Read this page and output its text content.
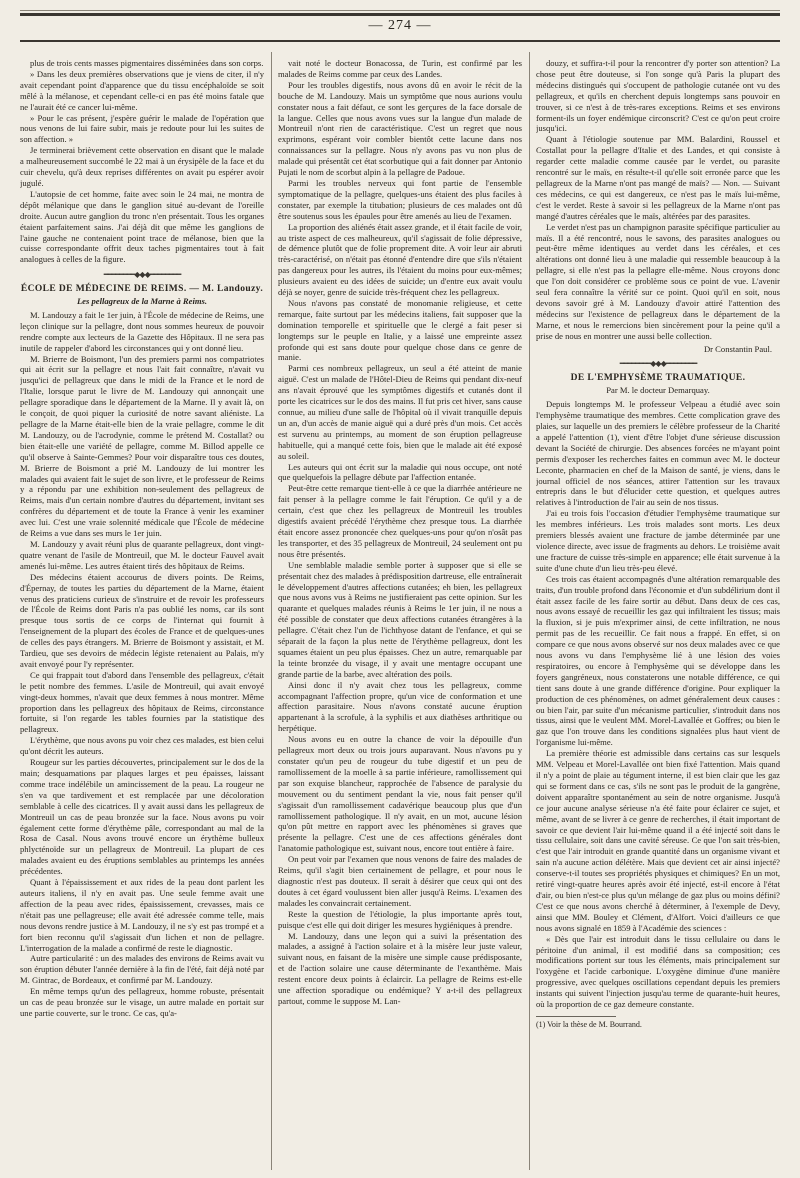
— 274 —

plus de trois cents masses pigmentaires disséminées dans son corps.

» Dans les deux premières observations que je viens de citer, il n'y avait cependant point d'apparence que du tissu encéphaloïde se soit mêlé à la mélanose, et cependant celle-ci en pas été moins fatale que ne l'aurait été ce cancer lui-même.

» Pour le cas présent, j'espère guérir le malade de l'opération que nous venons de lui faire subir, mais je redoute pour lui les suites de son affection. »

Je terminerai brièvement cette observation en disant que le malade a malheureusement succombé le 22 mai à un érysipèle de la face et du cuir chevelu, qu'à deux reprises différentes on avait pu espérer avoir jugulé.

L'autopsie de cet homme, faite avec soin le 24 mai, ne montra de dépôt mélanique que dans le ganglion situé au-devant de l'oreille droite. Aucun autre ganglion du tronc n'en présentait. Tous les organes étaient parfaitement sains. J'ai déjà dit que même les ganglions de l'aine gauche ne contenaient point trace de mélanose, bien que la cuisse correspondante offrit deux taches pigmentaires tout à fait analogues à celles de la figure.

━━━━━━━━◆◆◆━━━━━━━━
ÉCOLE DE MÉDECINE DE REIMS. — M. Landouzy.
Les pellagreux de la Marne à Reims.

M. Landouzy a fait le 1er juin, à l'École de médecine de Reims, une leçon clinique sur la pellagre, dont nous sommes heureux de pouvoir rendre compte aux lecteurs de la Gazette des Hôpitaux. Il ne sera pas inutile de rappeler d'abord les circonstances qui y ont donné lieu.

M. Brierre de Boismont, l'un des premiers parmi nos compatriotes qui ait écrit sur la pellagre et nous l'ait fait connaître, n'avait vu jusqu'ici de pellagreux que dans le midi de la France et le nord de l'Italie, lorsque parut le livre de M. Landouzy qui annonçait une pellagre sporadique dans le département de la Marne. Il y avait là, on le conçoit, de quoi piquer la curiosité de notre savant aliéniste. La pellagre de la Marne était-elle bien de la vraie pellagre, comme le dit M. Landouzy, ou de l'acrodynie, comme le prétend M. Costallat? ou bien était-elle une variété de pellagre, comme M. Billod appelle ce qu'il observe à Sainte-Gemmes? Pour voir disparaître tous ces doutes, M. Brierre de Boismont a prié M. Landouzy de lui montrer les malades qui avaient fait le sujet de son livre, et le professeur de Reims y a répondu par une exhibition non-seulement des pellagreux de Reims, mais d'un certain nombre d'autres du département, invitant ses confrères du département et de toute la France à venir les examiner avec lui. C'est une vraie solennité médicale que l'École de médecine de Reims a vue dans ses murs le 1er juin.

M. Landouzy y avait réuni plus de quarante pellagreux, dont vingt-quatre venant de l'asile de Montreuil, que M. le docteur Fauvel avait amenés lui-même. Les autres étaient tirés des hôpitaux de Reims.

Des médecins étaient accourus de divers points. De Reims, d'Épernay, de toutes les parties du département de la Marne, étaient venus des praticiens curieux de s'instruire et de revoir les professeurs de l'École de Reims dont Paris n'a pas oublié les noms, car ils sont presque tous sortis de ce corps de l'internat qui fournit à l'enseignement de la plupart des écoles de France et de quelques-unes de celles des pays étrangers. M. Brierre de Boismont y assistait, et M. Tardieu, que ses devoirs de médecin légiste retenaient au Palais, m'y avait envoyé pour l'y représenter.

Ce qui frappait tout d'abord dans l'ensemble des pellagreux, c'était le petit nombre des femmes. L'asile de Montreuil, qui avait envoyé vingt-deux hommes, n'avait que deux femmes à nous montrer. Même proportion dans les pellagreux des hôpitaux de Reims, circonstance fortuite, si l'on regarde les tables fournies par la statistique des pellagreux.

L'érythème, que nous avons pu voir chez ces malades, est bien celui qu'ont décrit les auteurs.

Rougeur sur les parties découvertes, principalement sur le dos de la main; desquamations par plaques larges et peu épaisses, laissant comme trace indélébile un amincissement de la peau. La rougeur ne s'en va que tardivement et est remplacée par une décoloration semblable à celle des cicatrices. Il y avait aussi dans les pellagreux de Montreuil un cas de peau bronzée sur la face. Nous avons pu voir également cette forme d'érythème pâle, correspondant au mal de la Rosa de Casal. Nous avons trouvé encore un érythème bulleux phlycténoïde sur un pellagreux de Montreuil. La plupart de ces malades avaient eu des éruptions semblables au printemps les années précédentes.

Quant à l'épaississement et aux rides de la peau dont parlent les auteurs italiens, il n'y en avait pas. Une seule femme avait une affection de la peau avec rides, épaississement, crevasses, mais ce n'était pas une pellagreuse; elle avait été adressée comme telle, mais nous devons rendre justice à M. Landouzy, il ne s'y est pas trompé et a fort bien reconnu qu'il s'agissait d'un lichen et non de pellagre. L'interrogation de la malade a confirmé de reste le diagnostic.

Autre particularité : un des malades des environs de Reims avait vu son éruption débuter l'année dernière à la fin de l'été, fait déjà noté par M. Gintrac, de Bordeaux, et confirmé par M. Landouzy.

En même temps qu'un des pellagreux, homme robuste, présentait un cas de peau bronzée sur le visage, un autre malade en portait sur une partie couverte, sur le tronc. Ce cas, qu'a-

vait noté le docteur Bonacossa, de Turin, est confirmé par les malades de Reims comme par ceux des Landes.

Pour les troubles digestifs, nous avons dû en avoir le récit de la bouche de M. Landouzy. Mais un symptôme que nous aurions voulu constater nous a fait défaut, ce sont les gerçures de la face dorsale de la langue. Celles que nous avons vues sur la langue d'un malade de Montreuil n'ont rien de caractéristique. C'est un regret que nous exprimons, espérant voir combler bientôt cette lacune dans nos connaissances sur la pellagre. Nous n'y avons pas vu non plus de malade qui présentât cet état scorbutique qui a fait donner par Antonio Pujati le nom de scorbut alpin à la pellagre de Padoue.

Parmi les troubles nerveux qui font partie de l'ensemble symptomatique de la pellagre, quelques-uns étaient des plus faciles à constater, par exemple la titubation; plusieurs de ces malades ont dû être soutenus sous les épaules pour être amenés au lieu de l'examen.

La proportion des aliénés était assez grande, et il était facile de voir, au triste aspect de ces malheureux, qu'il s'agissait de folie dépressive, de démence plutôt que de folie proprement dite. A voir leur air abruti très-caractérisé, on n'était pas étonné d'entendre dire que s'ils n'étaient pas dangereux pour les autres, ils l'étaient du moins pour eux-mêmes; plusieurs avaient eu des idées de suicide; un d'entre eux avait voulu déjà se noyer, genre de suicide très-fréquent chez les pellagreux.

Nous n'avons pas constaté de monomanie religieuse, et cette remarque, faite surtout par les médecins italiens, fait supposer que la domination temporelle et spirituelle que le clergé a fait peser si longtemps sur le peuple en Italie, y a laissé une empreinte assez profonde qui est sans doute pour quelque chose dans ce genre de manie.

Parmi ces nombreux pellagreux, un seul a été atteint de manie aiguë. C'est un malade de l'Hôtel-Dieu de Reims qui pendant dix-neuf ans n'avait éprouvé que les symptômes digestifs et cutanés dont il porte les cicatrices sur le dos des mains. Il fut pris cet hiver, sans cause connue, au milieu d'une salle de l'hôpital où il vivait tranquille depuis un an, d'un accès de manie aiguë qui a duré près d'un mois. Cet accès est survenu au printemps, au moment de son éruption pellagreuse habituelle, qui a manqué cette fois, bien que le malade ait été exposé au soleil.

Les auteurs qui ont écrit sur la maladie qui nous occupe, ont noté que quelquefois la pellagre débute par l'affection entanée.

Peut-être cette remarque tient-elle à ce que la diarrhée antérieure ne fait penser à la pellagre comme le fait l'éruption. Ce qu'il y a de certain, c'est que chez les pellagreux de Montreuil les troubles digestifs avaient précédé l'érythème chez presque tous. La diarrhée était encore assez prononcée chez quelques-uns pour qu'on n'osât pas les transporter, et des 35 pellagreux de Montreuil, 24 seulement ont pu nous être présentés.

Une semblable maladie semble porter à supposer que si elle se présentait chez des malades à prédisposition dartreuse, elle entraînerait le développement d'autres affections cutanées; eh bien, les pellagreux que nous avons vus à Reims ne justifieraient pas cette opinion. Sur les quarante et quelques malades réunis à Reims le 1er juin, il ne nous a été possible de constater que deux affections cutanées étrangères à la pellagre. C'était chez l'un de l'ichthyose datant de l'enfance, et qui se séparait de la façon la plus nette de l'érythème pellagreux, dont les squames étaient un peu plus épaisses. Chez un autre, remarquable par la teinte bronzée du visage, il y avait une mentagre occupant une grande partie de la barbe, avec altération des poils.

Ainsi donc il n'y avait chez tous les pellagreux, comme accompagnant l'affection propre, qu'un vice de conformation et une affection parasitaire. Nous n'avons constaté aucune éruption appartenant à la scrofule, à la syphilis et aux diathèses arthritique ou herpétique.

Nous avons eu en outre la chance de voir la dépouille d'un pellagreux mort deux ou trois jours auparavant. Nous n'avons pu y constater qu'un peu de rougeur du tube digestif et un peu de ramollissement de la moelle à sa partie inférieure, ramollissement qui par son exquise blancheur, rapprochée de l'absence de paralysie du mouvement ou du sentiment pendant la vie, nous fait penser qu'il s'agissait d'un ramollissement cadavérique beaucoup plus que d'un ramollissement pathologique. Il n'y avait, en un mot, aucune lésion qu'on pût mettre en rapport avec les phénomènes si graves que présente la pellagre. C'est une de ces affections générales dont l'anatomie pathologique est, suivant nous, encore tout entière à faire.

On peut voir par l'examen que nous venons de faire des malades de Reims, qu'il s'agit bien certainement de pellagre, et pour nous le diagnostic n'est pas douteux. Il serait à désirer que ceux qui ont des doutes à cet égard voulussent bien aller jusqu'à Reims. L'examen des malades les convaincrait certainement.

Reste la question de l'étiologie, la plus importante après tout, puisque c'est elle qui doit diriger les mesures hygiéniques à prendre.

M. Landouzy, dans une leçon qui a suivi la présentation des malades, a assigné à l'action solaire et à la misère leur juste valeur, suivant nous, en faisant de la misère une simple cause prédisposante, et de l'action solaire une cause déterminante de l'exanthème. Mais restent encore deux points à éclaircir. La pellagre de Reims est-elle une affection sporadique ou endémique? Y a-t-il des pellagreux partout, comme le suppose M. Lan-

douzy, et suffira-t-il pour la rencontrer d'y porter son attention? La chose peut être douteuse, si l'on songe qu'à Paris la plupart des médecins distingués qui s'occupent de pathologie cutanée ont vu des pellagreux, et qu'ils en cherchent depuis longtemps sans pouvoir en trouver, si ce n'est à de très-rares exceptions. Reims et ses environs forment-ils un foyer endémique circonscrit? C'est ce qu'on peut croire jusqu'ici.

Quant à l'étiologie soutenue par MM. Balardini, Roussel et Costallat pour la pellagre d'Italie et des Landes, et qui consiste à regarder cette maladie comme causée par le verdet, ou parasite rencontré sur le maïs, en résulte-t-il qu'elle soit erronée parce que les pellagreux de la Marne n'ont pas mangé de maïs? — Non. — Suivant ces médecins, ce qui est dangereux, ce n'est pas le maïs lui-même, c'est le verdet. Reste à savoir si les pellagreux de la Marne n'ont pas mangé d'autres céréales que le maïs, altérées par des parasites.

Le verdet n'est pas un champignon parasite spécifique particulier au maïs. Il a été rencontré, nous le savons, des parasites analogues ou peut-être même identiques au verdet dans les céréales, et ces altérations ont donné lieu à une maladie qui ressemble beaucoup à la pellagre, si elle n'est pas la pellagre elle-même. Nous croyons donc que l'on doit considérer ce problème sous ce point de vue. L'avenir seul fera connaître la vérité sur ce point. Quoi qu'il en soit, nous devons savoir gré à M. Landouzy d'avoir attiré l'attention des médecins sur l'existence de pellagreux dans le département de la Marne, et nous le remercions bien sincèrement pour la peine qu'il a prise de nous en montrer une aussi belle collection.

Dr Constantin Paul.
━━━━━━━━◆◆◆━━━━━━━━
DE L'EMPHYSÈME TRAUMATIQUE.
Par M. le docteur Demarquay.

Depuis longtemps M. le professeur Velpeau a étudié avec soin l'emphysème traumatique des membres. Cette complication grave des plaies, sur laquelle un des premiers le célèbre professeur de la Charité a appelé l'attention (1), vient d'être l'objet d'une sérieuse discussion devant la Société de chirurgie. Des absences forcées ne m'ayant point permis d'exposer les recherches faites en commun avec M. le docteur Leconte, pharmacien en chef de la Maison de santé, je viens, dans le journal officiel de nos séances, attirer l'attention sur les travaux entrepris dans le but d'élucider cette question, et quelques autres relatives à l'introduction de l'air au sein de nos tissus.

J'ai eu trois fois l'occasion d'étudier l'emphysème traumatique sur les membres inférieurs. Les trois malades sont morts. Les deux premiers blessés avaient une fracture de jambe déterminée par une violence directe, avec issue de fragments au dehors. Le troisième avait une fracture de cuisse très-simple en apparence; elle était survenue à la suite d'une chute d'un lieu très-peu élevé.

Ces trois cas étaient accompagnés d'une altération remarquable des traits, d'un trouble profond dans l'économie et d'un subdélirium dont il était assez facile de les faire sortir au début. Dans deux de ces cas, nous avons essayé de recueillir les gaz qui infiltraient les tissus; mais la fluxion, si je puis m'exprimer ainsi, de cette infiltration, ne nous permit pas de les recueillir. Ce fait nous a frappé. En effet, si on compare ce que nous avons observé sur nos deux malades avec ce que nous avons vu dans l'emphysème lié à une lésion des voies respiratoires, ou encore à l'emphysème qui se développe dans les foyers gangréneux, nous constaterons une notable différence, ce qui tient sans doute à une grande différence d'origine. Pour expliquer la production de ces phénomènes, on admet généralement deux causes : ou bien l'air, par suite d'un mécanisme particulier, s'introduit dans nos tissus, ainsi que le veulent MM. Morel-Lavallée et Goffres; ou bien le gaz que l'on trouve dans les conditions signalées plus haut vient de l'organisme lui-même.

La première théorie est admissible dans certains cas sur lesquels MM. Velpeau et Morel-Lavallée ont bien fixé l'attention. Mais quand il n'y a point de plaie au tégument interne, il est bien clair que les gaz qui se forment dans ce cas, s'ils ne sont pas le produit de la gangrène, doivent apparaître spontanément au sein de notre organisme. Jusqu'à ce jour aucune analyse sérieuse n'a été faite pour éclairer ce sujet, et même, avant de se livrer à ce genre de recherches, il était important de savoir ce que devient l'air lui-même quand il a été injecté soit dans le tissu cellulaire, soit dans une cavité séreuse. Ce que l'on sait très-bien, c'est que l'air introduit en grande quantité dans un organisme vivant et sain n'a aucune action délétère. Mais que devient cet air ainsi injecté? conserve-t-il toutes ses propriétés physiques et chimiques? En un mot, retiré vingt-quatre heures après avoir été injecté, est-il encore à l'état d'air, ou bien n'est-ce plus qu'un mélange de gaz plus ou moins défini? C'est ce que nous avons cherché à déterminer, à l'exemple de Devy, ainsi que MM. Bouley et Clément, d'Alfort. Voici d'ailleurs ce que nous avons signalé en 1859 à l'Académie des sciences :

« Dès que l'air est introduit dans le tissu cellulaire ou dans le péritoine d'un animal, il est modifié dans sa composition; ces modifications portent sur tous les éléments, mais principalement sur l'oxygène et l'acide carbonique. L'oxygène diminue d'une manière progressive, avec quelques oscillations cependant depuis les premiers instants qui suivent l'injection jusqu'au terme de quarante-huit heures, où la proportion de ce gaz demeure constante.

(1) Voir la thèse de M. Bourrand.
